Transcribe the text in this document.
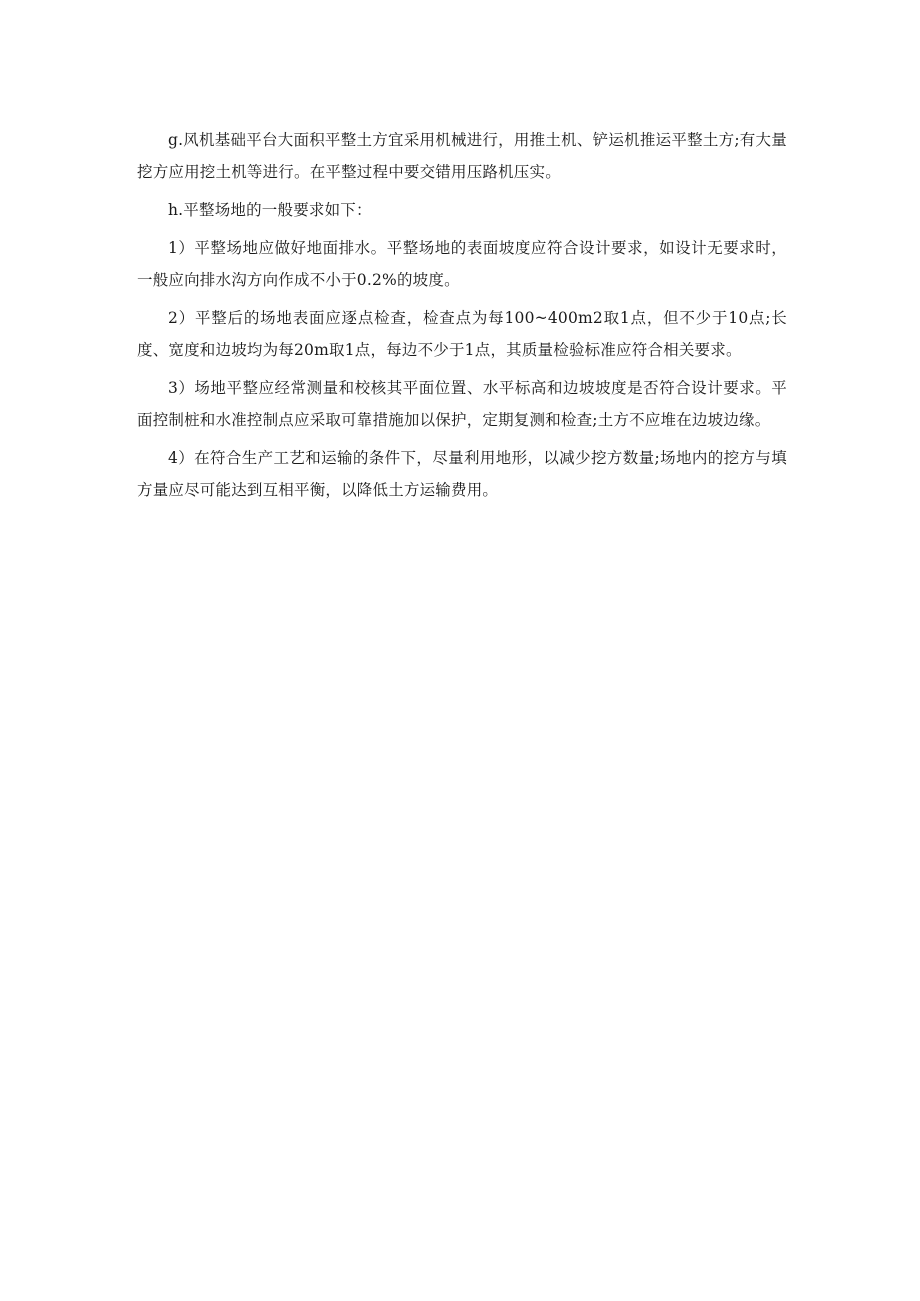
g.风机基础平台大面积平整土方宜采用机械进行，用推土机、铲运机推运平整土方;有大量挖方应用挖土机等进行。在平整过程中要交错用压路机压实。

h.平整场地的一般要求如下：

1）平整场地应做好地面排水。平整场地的表面坡度应符合设计要求，如设计无要求时，一般应向排水沟方向作成不小于0.2%的坡度。

2）平整后的场地表面应逐点检查，检查点为每100~400m2取1点，但不少于10点;长度、宽度和边坡均为每20m取1点，每边不少于1点，其质量检验标准应符合相关要求。

3）场地平整应经常测量和校核其平面位置、水平标高和边坡坡度是否符合设计要求。平面控制桩和水准控制点应采取可靠措施加以保护，定期复测和检查;土方不应堆在边坡边缘。

4）在符合生产工艺和运输的条件下，尽量利用地形，以减少挖方数量;场地内的挖方与填方量应尽可能达到互相平衡，以降低土方运输费用。
